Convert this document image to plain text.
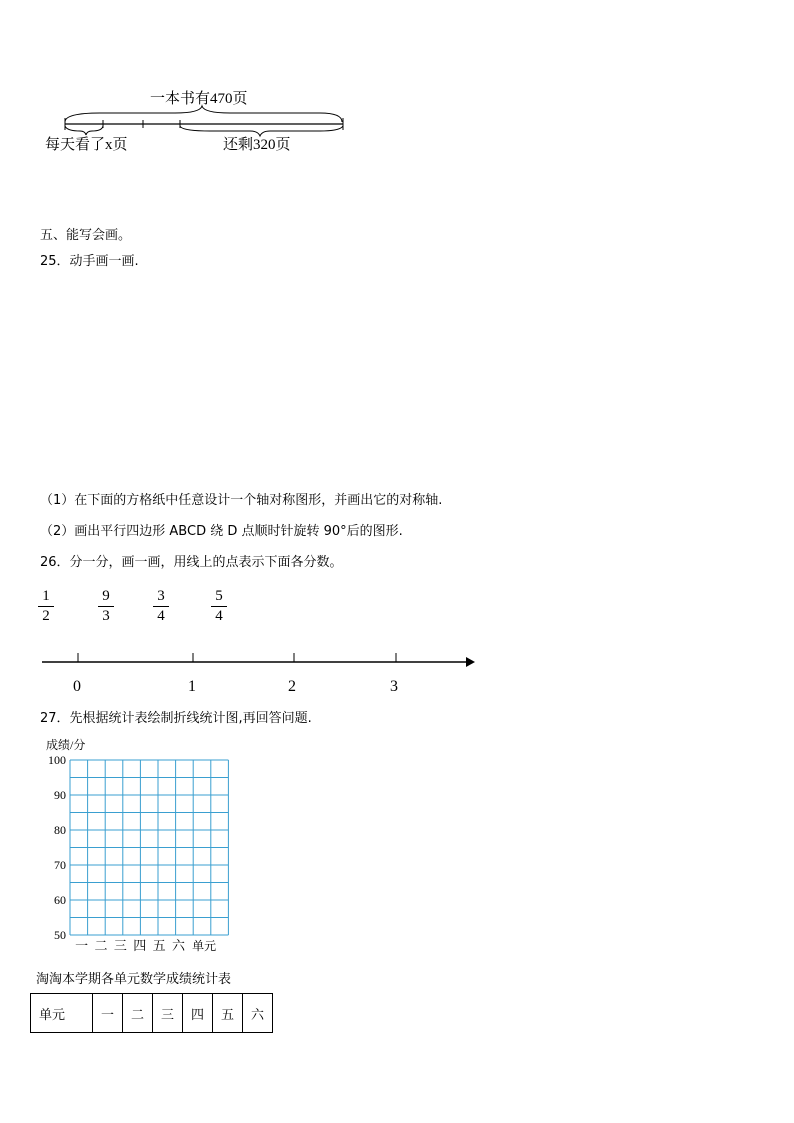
一本书有470页
每天看了x页	还剩320页
五、能写会画。
25．动手画一画.
（1）在下面的方格纸中任意设计一个轴对称图形，并画出它的对称轴.
（2）画出平行四边形 ABCD 绕 D 点顺时针旋转 90°后的图形.
26．分一分，画一画，用线上的点表示下面各分数。
1
2
9
3
3
4
5
4
0	1	2	3
27．先根据统计表绘制折线统计图,再回答问题.
成绩/分
100
90
80
70
60
50
一 二 三 四 五 六 单元
淘淘本学期各单元数学成绩统计表
单元	一	二	三	四	五	六
